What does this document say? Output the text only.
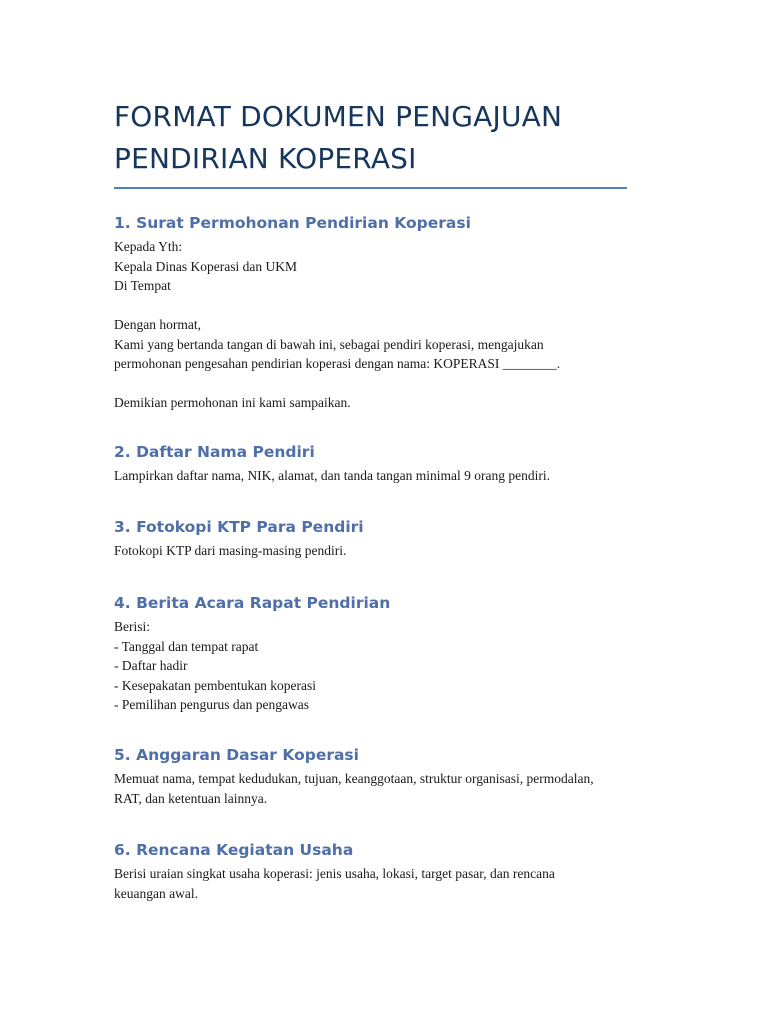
FORMAT DOKUMEN PENGAJUAN
PENDIRIAN KOPERASI
1. Surat Permohonan Pendirian Koperasi

Kepada Yth:
Kepala Dinas Koperasi dan UKM
Di Tempat
Dengan hormat,
Kami yang bertanda tangan di bawah ini, sebagai pendiri koperasi, mengajukan
permohonan pengesahan pendirian koperasi dengan nama: KOPERASI ________.
Demikian permohonan ini kami sampaikan.

2. Daftar Nama Pendiri

Lampirkan daftar nama, NIK, alamat, dan tanda tangan minimal 9 orang pendiri.

3. Fotokopi KTP Para Pendiri

Fotokopi KTP dari masing-masing pendiri.

4. Berita Acara Rapat Pendirian

Berisi:
- Tanggal dan tempat rapat
- Daftar hadir
- Kesepakatan pembentukan koperasi
- Pemilihan pengurus dan pengawas

5. Anggaran Dasar Koperasi

Memuat nama, tempat kedudukan, tujuan, keanggotaan, struktur organisasi, permodalan,
RAT, dan ketentuan lainnya.

6. Rencana Kegiatan Usaha

Berisi uraian singkat usaha koperasi: jenis usaha, lokasi, target pasar, dan rencana
keuangan awal.
